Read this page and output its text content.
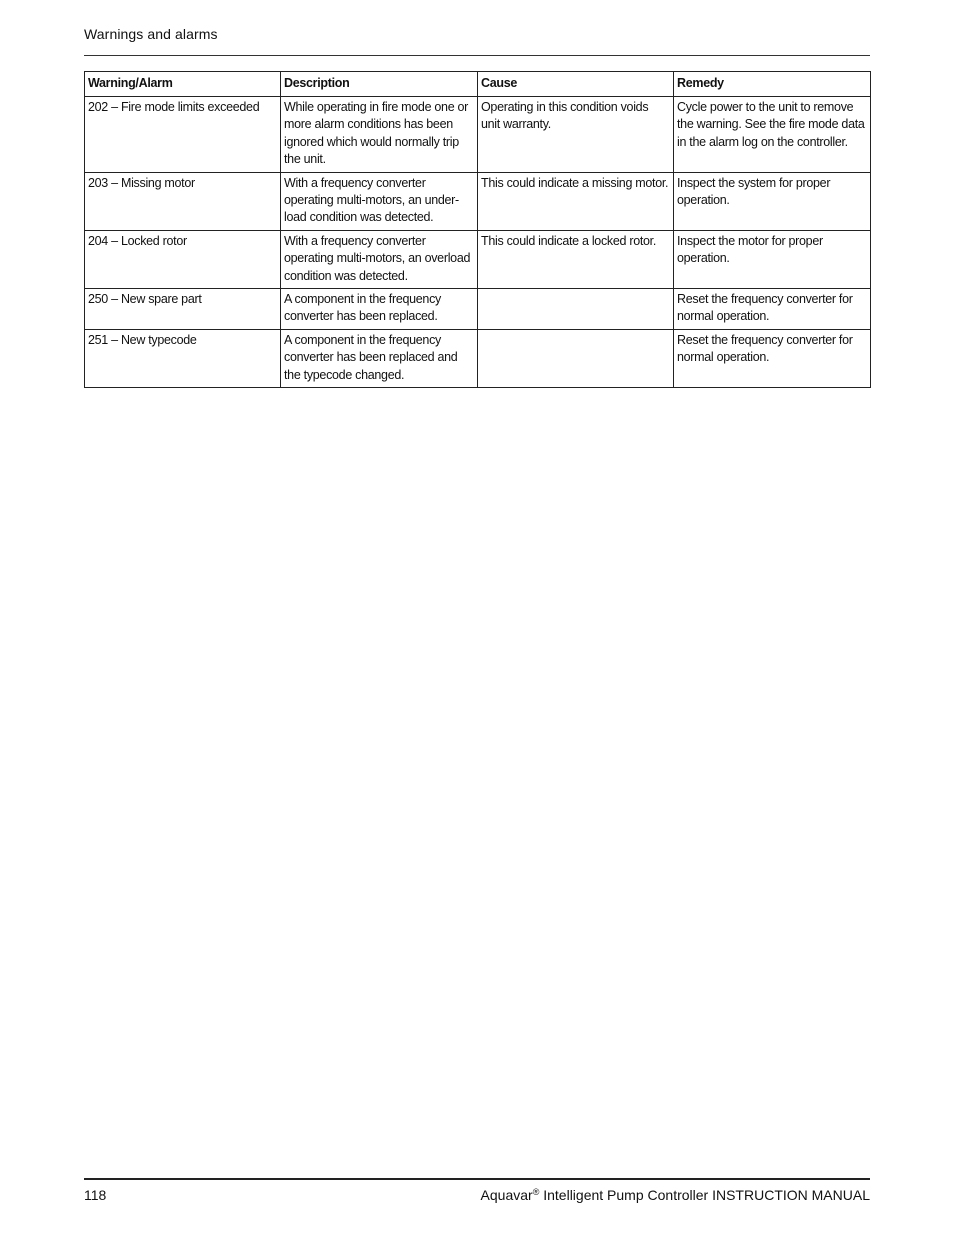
Warnings and alarms
Warning/Alarm	Description	Cause	Remedy
202 – Fire mode limits exceeded	While operating in fire mode one or more alarm conditions has been ignored which would normally trip the unit.	Operating in this condition voids unit warranty.	Cycle power to the unit to remove the warning. See the fire mode data in the alarm log on the controller.
203 – Missing motor	With a frequency converter operating multi-motors, an under-load condition was detected.	This could indicate a missing motor.	Inspect the system for proper operation.
204 – Locked rotor	With a frequency converter operating multi-motors, an overload condition was detected.	This could indicate a locked rotor.	Inspect the motor for proper operation.
250 – New spare part	A component in the frequency converter has been replaced.		Reset the frequency converter for normal operation.
251 – New typecode	A component in the frequency converter has been replaced and the typecode changed.		Reset the frequency converter for normal operation.
118	Aquavar® Intelligent Pump Controller INSTRUCTION MANUAL
